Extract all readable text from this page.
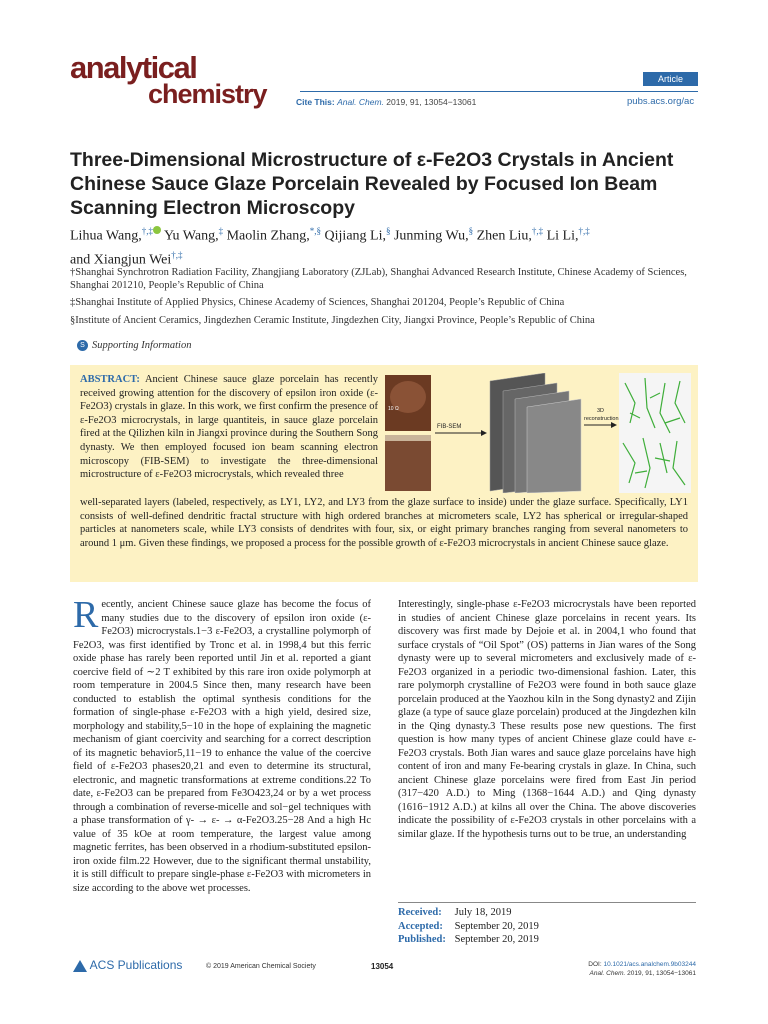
analytical
chemistry	Article
Cite This: Anal. Chem. 2019, 91, 13054−13061	pubs.acs.org/ac
Three-Dimensional Microstructure of ε-Fe2O3 Crystals in Ancient Chinese Sauce Glaze Porcelain Revealed by Focused Ion Beam Scanning Electron Microscopy
Lihua Wang,†,‡ Yu Wang,‡ Maolin Zhang,*,§ Qijiang Li,§ Junming Wu,§ Zhen Liu,†,‡ Li Li,†,‡
and Xiangjun Wei†,‡
†Shanghai Synchrotron Radiation Facility, Zhangjiang Laboratory (ZJLab), Shanghai Advanced Research Institute, Chinese Academy of Sciences, Shanghai 201210, People’s Republic of China
‡Shanghai Institute of Applied Physics, Chinese Academy of Sciences, Shanghai 201204, People’s Republic of China
§Institute of Ancient Ceramics, Jingdezhen Ceramic Institute, Jingdezhen City, Jiangxi Province, People’s Republic of China
S Supporting Information
ABSTRACT: Ancient Chinese sauce glaze porcelain has recently received growing attention for the discovery of epsilon iron oxide (ε-Fe2O3) crystals in glaze. In this work, we first confirm the presence of ε-Fe2O3 microcrystals, in large quantiteis, in sauce glaze porcelain fired at the Qilizhen kiln in Jiangxi province during the Southern Song dynasty. We then employed focused ion beam scanning electron microscopy (FIB-SEM) to investigate the three-dimensional microstructure of ε-Fe2O3 microcrystals, which revealed three
well-separated layers (labeled, respectively, as LY1, LY2, and LY3 from the glaze surface to inside) under the glaze surface. Specifically, LY1 consists of well-defined dendritic fractal structure with high ordered branches at micrometers scale, LY2 has spherical or irregular-shaped particles at nanometers scale, while LY3 consists of dendrites with four, six, or eight primary branches ranging from several nanometers to around 1 μm. Given these findings, we proposed a process for the possible growth of ε-Fe2O3 microcrystals in ancient Chinese sauce glaze.
10 Ω
FIB-SEM
3D
reconstruction
Recently, ancient Chinese sauce glaze has become the focus of many studies due to the discovery of epsilon iron oxide (ε-Fe2O3) microcrystals.1−3 ε-Fe2O3, a crystalline polymorph of Fe2O3, was first identified by Tronc et al. in 1998,4 but this ferric oxide phase has rarely been reported until Jin et al. reported a giant coercive field of ∼2 T exhibited by this rare iron oxide polymorph at room temperature in 2004.5 Since then, many research have been conducted to establish the optimal synthesis conditions for the formation of single-phase ε-Fe2O3 with a high yield, desired size, morphology and stability,5−10 in the hope of explaining the magnetic mechanism of giant coercivity and searching for a correct description of its magnetic behavior5,11−19 to enhance the value of the coercive field of ε-Fe2O3 phases20,21 and even to determine its structural, electronic, and magnetic transformations at extreme conditions.22 To date, ε-Fe2O3 can be prepared from Fe3O423,24 or by a wet process through a combination of reverse-micelle and sol−gel techniques with a phase transformation of γ- → ε- → α-Fe2O3.25−28 And a high Hc value of 35 kOe at room temperature, the largest value among magnetic ferrites, has been observed in a rhodium-substituted epsilon-iron oxide film.22 However, due to the significant thermal unstability, it is still difficult to prepare single-phase ε-Fe2O3 with micrometers in size according to the above wet processes.
Interestingly, single-phase ε-Fe2O3 microcrystals have been reported in studies of ancient Chinese glaze porcelains in recent years. Its discovery was first made by Dejoie et al. in 2004,1 who found that surface crystals of “Oil Spot” (OS) patterns in Jian wares of the Song dynasty were up to several micrometers and exclusively made of ε-Fe2O3 organized in a periodic two-dimensional fashion. Later, this rare polymorph crystalline of Fe2O3 were found in both sauce glaze porcelain produced at the Yaozhou kiln in the Song dynasty2 and Zijin glaze (a type of sauce glaze porcelain) produced at the Jingdezhen kiln in the Qing dynasty.3 These results pose new questions. The first question is how many types of ancient Chinese glaze could have ε-Fe2O3 crystals. Both Jian wares and sauce glaze porcelains have high content of iron and many Fe-bearing crystals in glaze. In China, such ancient Chinese glaze porcelains were fired from East Jin period (317−420 A.D.) to Ming (1368−1644 A.D.) and Qing dynasty (1616−1912 A.D.) at kilns all over the China. The above discoveries indicate the possibility of ε-Fe2O3 crystals in other porcelains with a similar glaze. If the hypothesis turns out to be true, an understanding
Received: July 18, 2019
Accepted: September 20, 2019
Published: September 20, 2019
ACS Publications	© 2019 American Chemical Society	13054	DOI: 10.1021/acs.analchem.9b03244
Anal. Chem. 2019, 91, 13054−13061
